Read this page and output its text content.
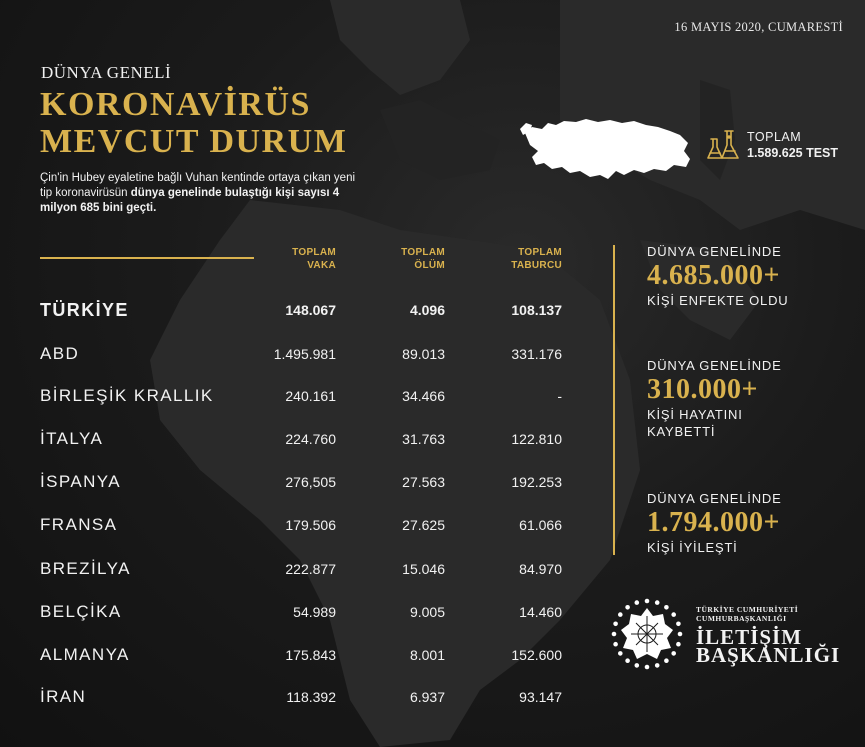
16 MAYIS 2020, CUMARESTİ
DÜNYA GENELİ
KORONAVİRÜS
MEVCUT DURUM
Çin'in Hubey eyaletine bağlı Vuhan kentinde ortaya çıkan yeni tip koronavirüsün dünya genelinde bulaştığı kişi sayısı 4 milyon 685 bini geçti.
TOPLAM
1.589.625 TEST
TOPLAM
VAKA
TOPLAM
ÖLÜM
TOPLAM
TABURCU
TÜRKİYE	148.067	4.096	108.137
ABD	1.495.981	89.013	331.176
BİRLEŞİK KRALLIK	240.161	34.466	-
İTALYA	224.760	31.763	122.810
İSPANYA	276,505	27.563	192.253
FRANSA	179.506	27.625	61.066
BREZİLYA	222.877	15.046	84.970
BELÇİKA	54.989	9.005	14.460
ALMANYA	175.843	8.001	152.600
İRAN	118.392	6.937	93.147
DÜNYA GENELİNDE
4.685.000+
KİŞİ ENFEKTE OLDU
DÜNYA GENELİNDE
310.000+
KİŞİ HAYATINI
KAYBETTİ
DÜNYA GENELİNDE
1.794.000+
KİŞİ İYİLEŞTİ
TÜRKİYE CUMHURİYETİ
CUMHURBAŞKANLIĞI
İLETİŞİM
BAŞKANLIĞI
